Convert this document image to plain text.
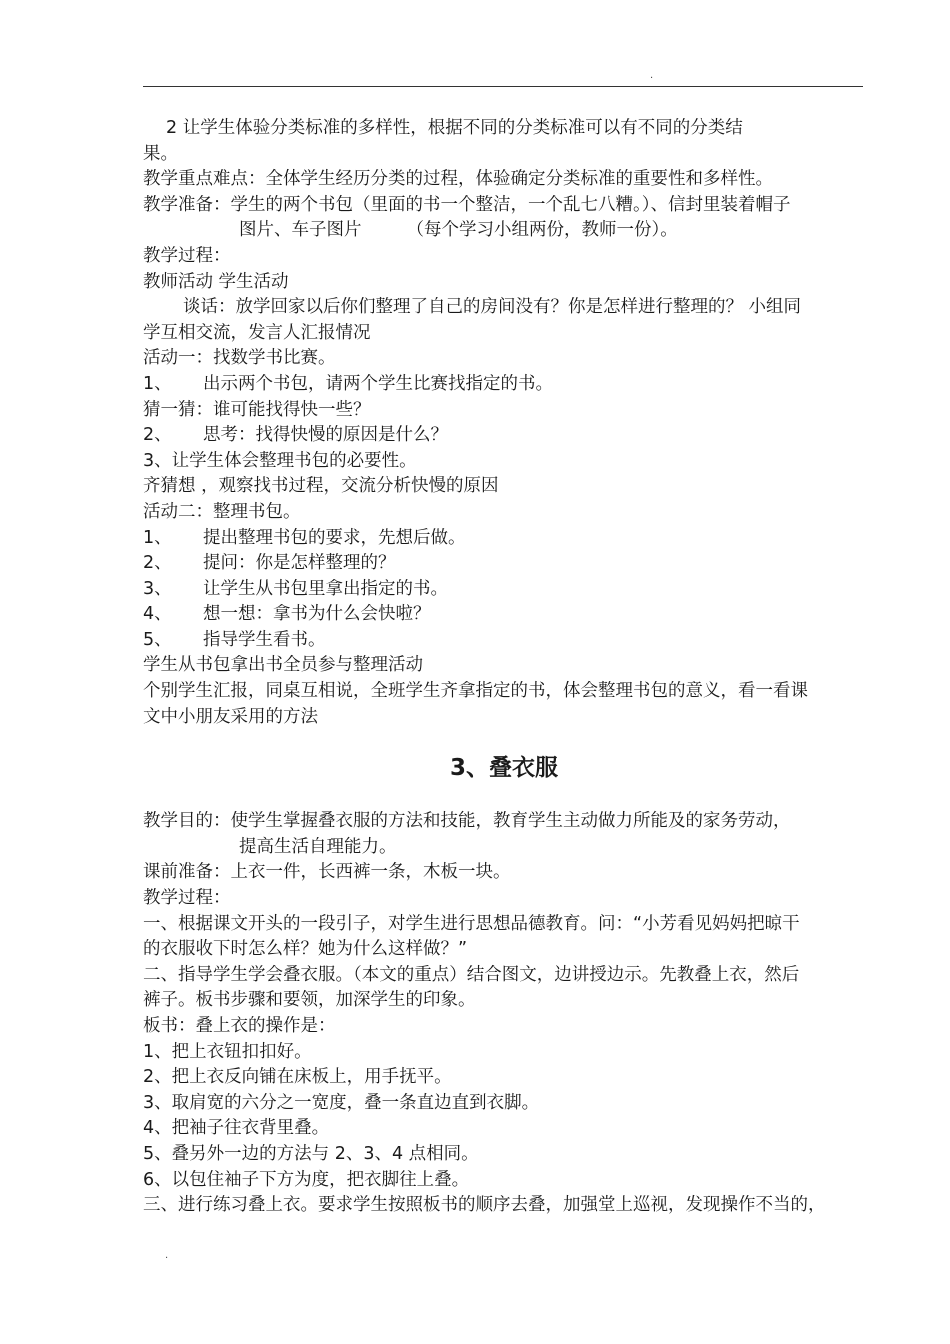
.

2 让学生体验分类标准的多样性，根据不同的分类标准可以有不同的分类结

果。

教学重点难点：全体学生经历分类的过程，体验确定分类标准的重要性和多样性。

教学准备：学生的两个书包（里面的书一个整洁，一个乱七八糟。）、信封里装着帽子

图片、车子图片	（每个学习小组两份，教师一份）。

教学过程：

教师活动 学生活动

谈话：放学回家以后你们整理了自己的房间没有？你是怎样进行整理的？ 小组同

学互相交流，发言人汇报情况

活动一：找数学书比赛。

1、 出示两个书包，请两个学生比赛找指定的书。

猜一猜：谁可能找得快一些？

2、 思考：找得快慢的原因是什么？

3、让学生体会整理书包的必要性。

齐猜想 ，观察找书过程，交流分析快慢的原因

活动二：整理书包。

1、 提出整理书包的要求，先想后做。

2、 提问：你是怎样整理的？

3、 让学生从书包里拿出指定的书。

4、 想一想：拿书为什么会快啦？

5、 指导学生看书。

学生从书包拿出书全员参与整理活动

个别学生汇报，同桌互相说，全班学生齐拿指定的书，体会整理书包的意义，看一看课

文中小朋友采用的方法

3、叠衣服

教学目的：使学生掌握叠衣服的方法和技能，教育学生主动做力所能及的家务劳动，

提高生活自理能力。

课前准备：上衣一件，长西裤一条，木板一块。

教学过程：

一、根据课文开头的一段引子，对学生进行思想品德教育。问：“小芳看见妈妈把晾干

的衣服收下时怎么样？她为什么这样做？”

二、指导学生学会叠衣服。（本文的重点）结合图文，边讲授边示。先教叠上衣，然后

裤子。板书步骤和要领，加深学生的印象。

板书：叠上衣的操作是：

1、把上衣钮扣扣好。

2、把上衣反向铺在床板上，用手抚平。

3、取肩宽的六分之一宽度，叠一条直边直到衣脚。

4、把袖子往衣背里叠。

5、叠另外一边的方法与 2、3、4 点相同。

6、以包住袖子下方为度，把衣脚往上叠。

三、进行练习叠上衣。要求学生按照板书的顺序去叠，加强堂上巡视，发现操作不当的，

.
